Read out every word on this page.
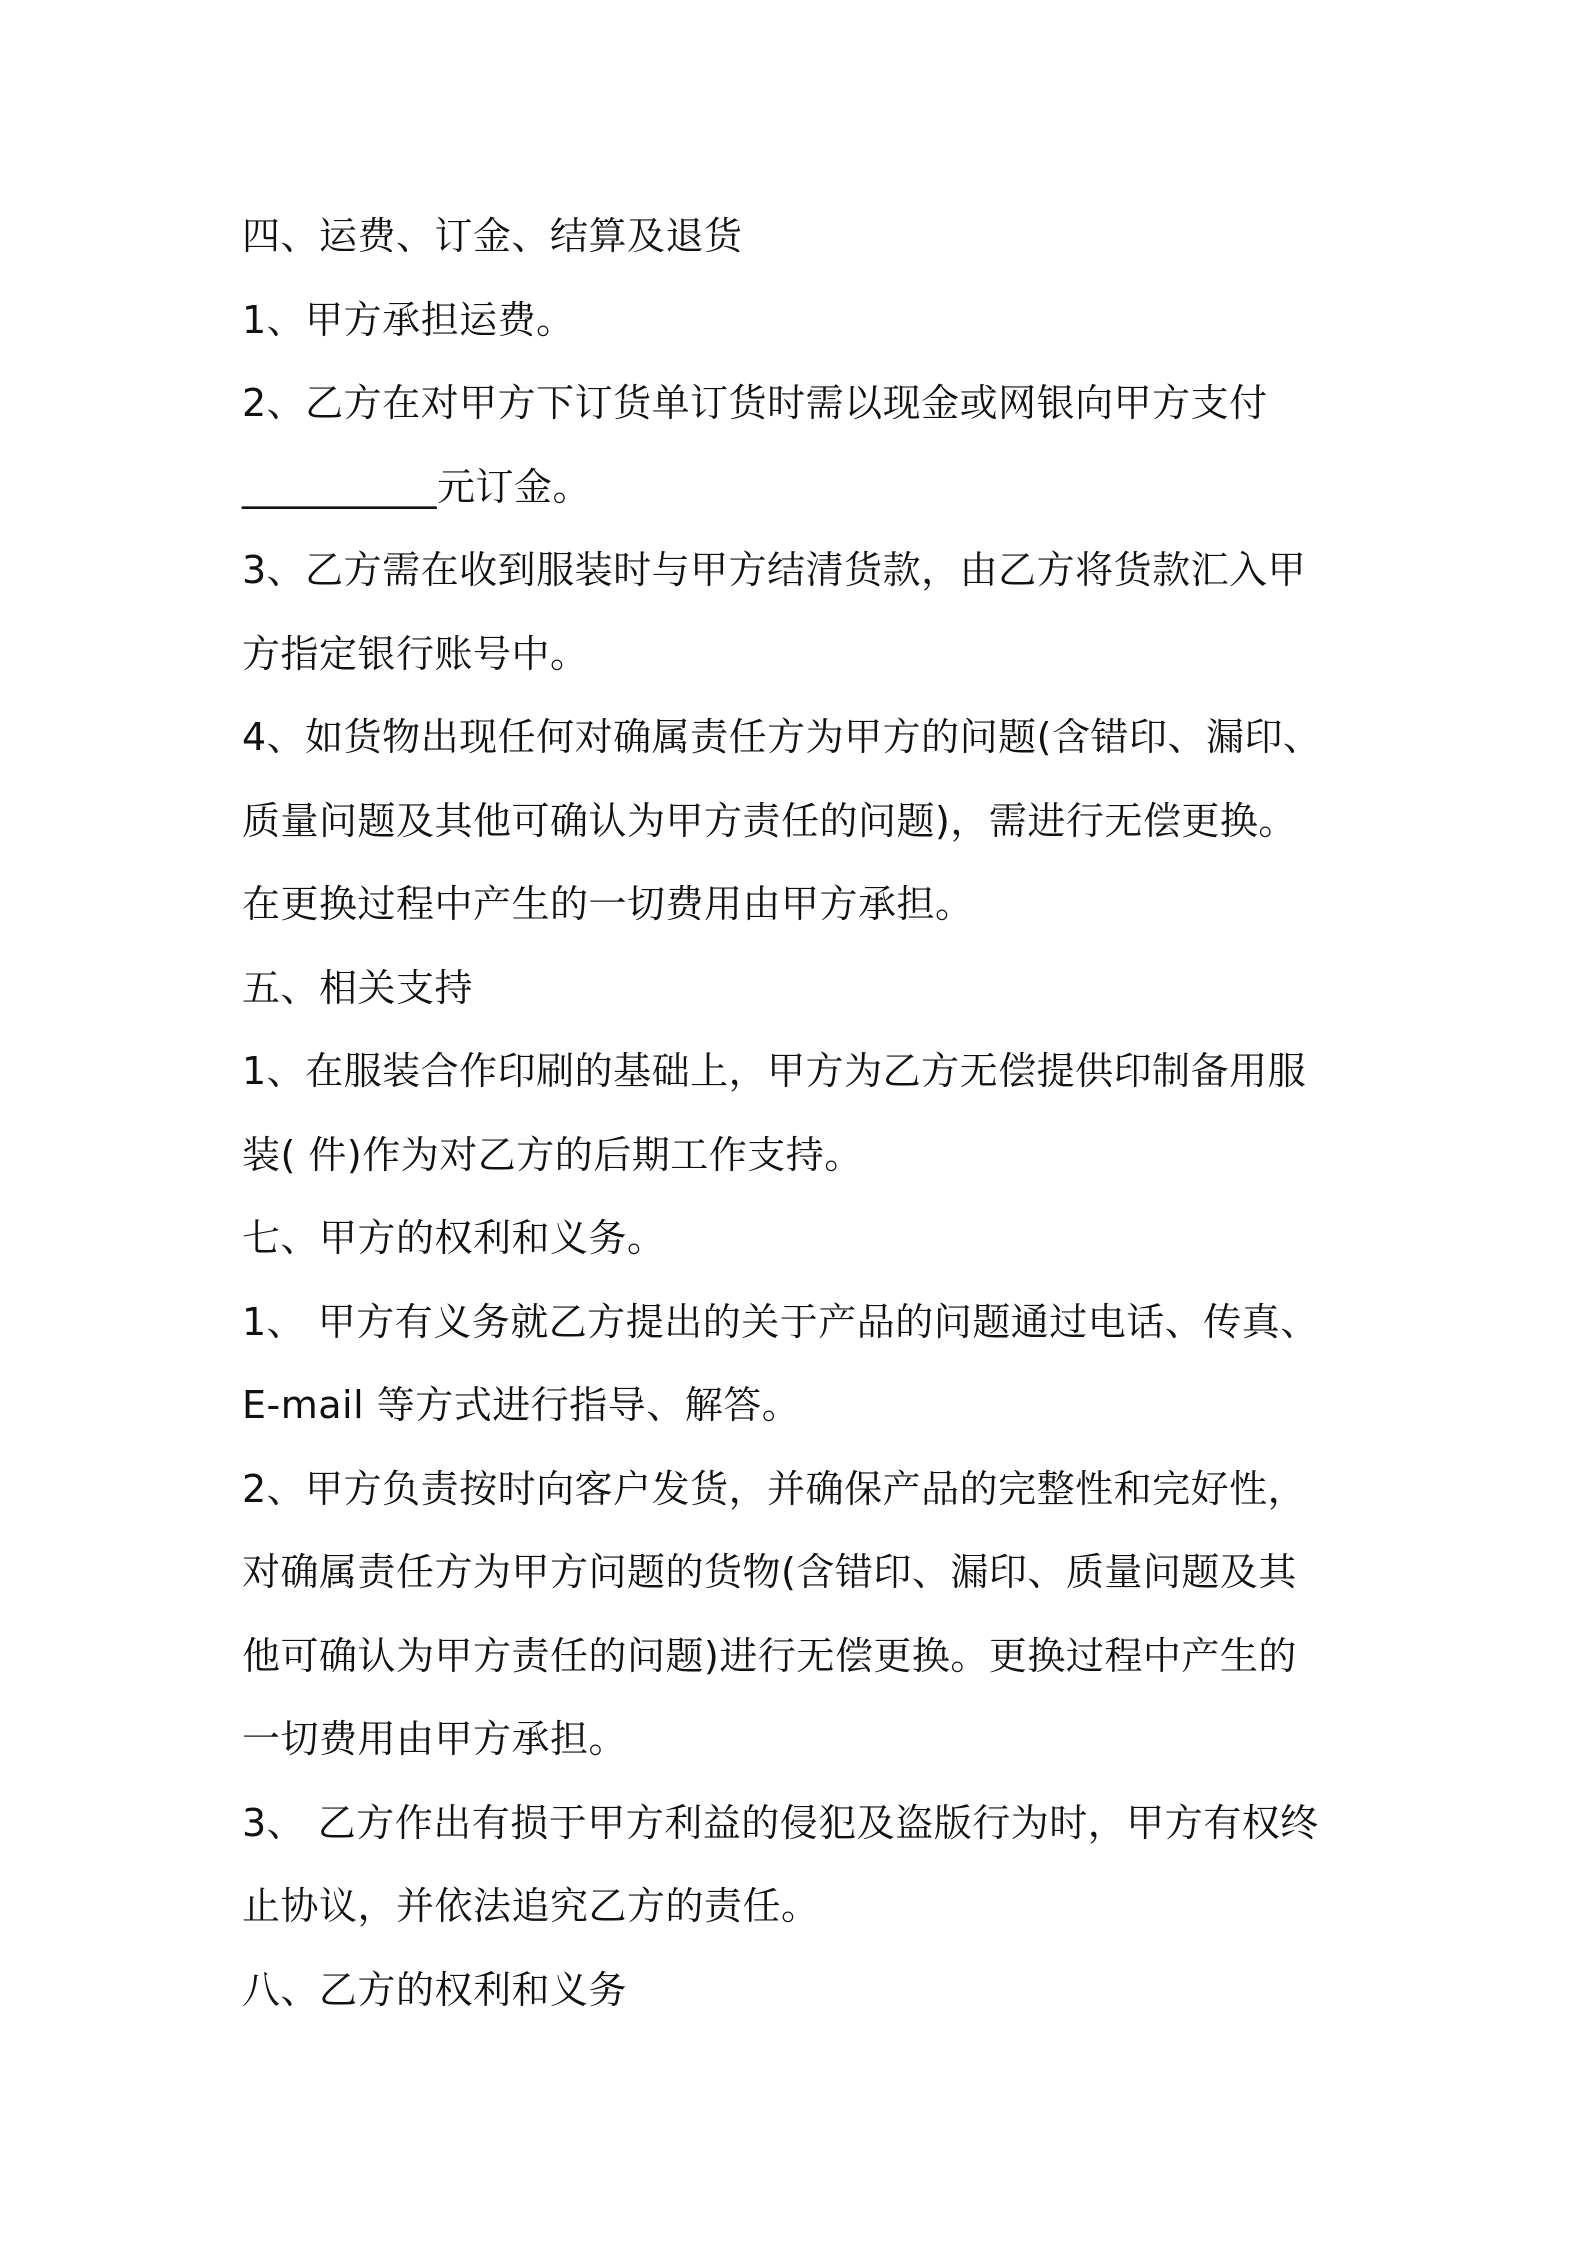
四、运费、订金、结算及退货
1、甲方承担运费。
2、乙方在对甲方下订货单订货时需以现金或网银向甲方支付
__________元订金。
3、乙方需在收到服装时与甲方结清货款，由乙方将货款汇入甲
方指定银行账号中。
4、如货物出现任何对确属责任方为甲方的问题(含错印、漏印、
质量问题及其他可确认为甲方责任的问题)，需进行无偿更换。
在更换过程中产生的一切费用由甲方承担。
五、相关支持
1、在服装合作印刷的基础上，甲方为乙方无偿提供印制备用服
装( 件)作为对乙方的后期工作支持。
七、甲方的权利和义务。
1、 甲方有义务就乙方提出的关于产品的问题通过电话、传真、
E-mail 等方式进行指导、解答。
2、甲方负责按时向客户发货，并确保产品的完整性和完好性，
对确属责任方为甲方问题的货物(含错印、漏印、质量问题及其
他可确认为甲方责任的问题)进行无偿更换。更换过程中产生的
一切费用由甲方承担。
3、 乙方作出有损于甲方利益的侵犯及盗版行为时，甲方有权终
止协议，并依法追究乙方的责任。
八、乙方的权利和义务
